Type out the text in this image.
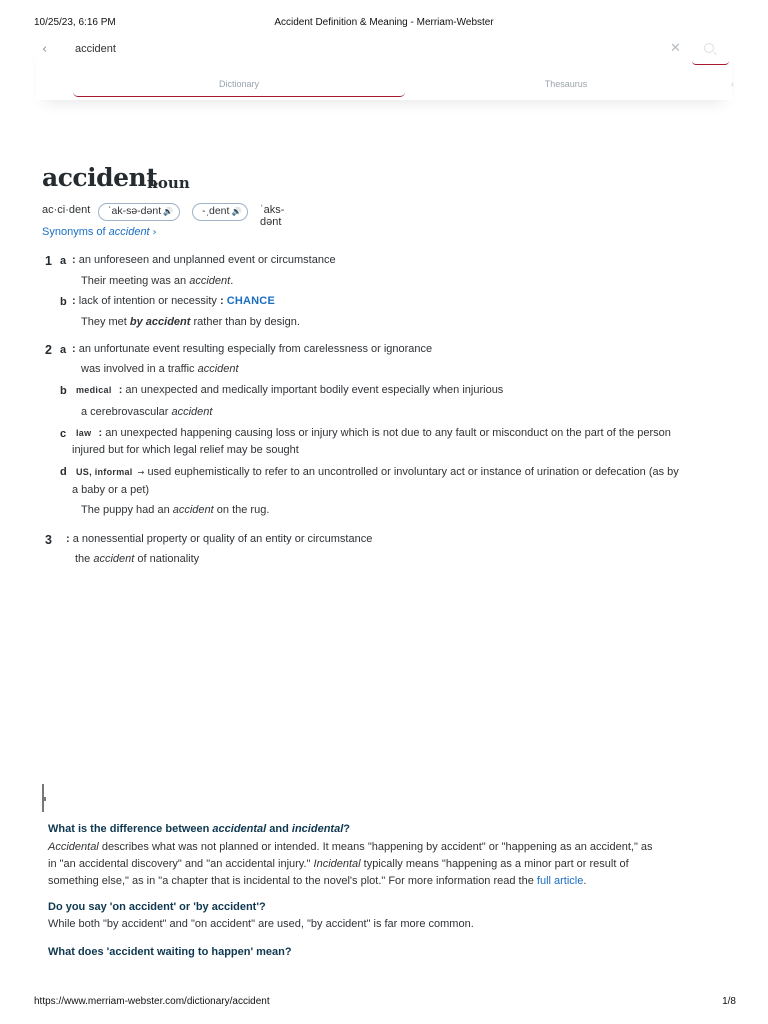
10/25/23, 6:16 PM	Accident Definition & Meaning - Merriam-Webster
‹	accident	✕
Dictionary	Thesaurus	‹
accident
noun
ac·ci·dent	ˈak-sə-dənt 🔊	-ˌdent 🔊	ˈaks-dənt
Synonyms of accident ›
1 a : an unforeseen and unplanned event or circumstance
Their meeting was an accident.
b : lack of intention or necessity : CHANCE
They met by accident rather than by design.
2 a : an unfortunate event resulting especially from carelessness or ignorance
was involved in a traffic accident
b medical : an unexpected and medically important bodily event especially when injurious
a cerebrovascular accident
c law : an unexpected happening causing loss or injury which is not due to any fault or misconduct on the part of the person
injured but for which legal relief may be sought
d US, informal → used euphemistically to refer to an uncontrolled or involuntary act or instance of urination or defecation (as by
a baby or a pet)
The puppy had an accident on the rug.
3 : a nonessential property or quality of an entity or circumstance
the accident of nationality
What is the difference between accidental and incidental?
Accidental describes what was not planned or intended. It means "happening by accident" or "happening as an accident," as
in "an accidental discovery" and "an accidental injury." Incidental typically means "happening as a minor part or result of
something else," as in "a chapter that is incidental to the novel's plot." For more information read the full article.
Do you say 'on accident' or 'by accident'?
While both "by accident" and "on accident" are used, "by accident" is far more common.
What does 'accident waiting to happen' mean?
https://www.merriam-webster.com/dictionary/accident	1/8
